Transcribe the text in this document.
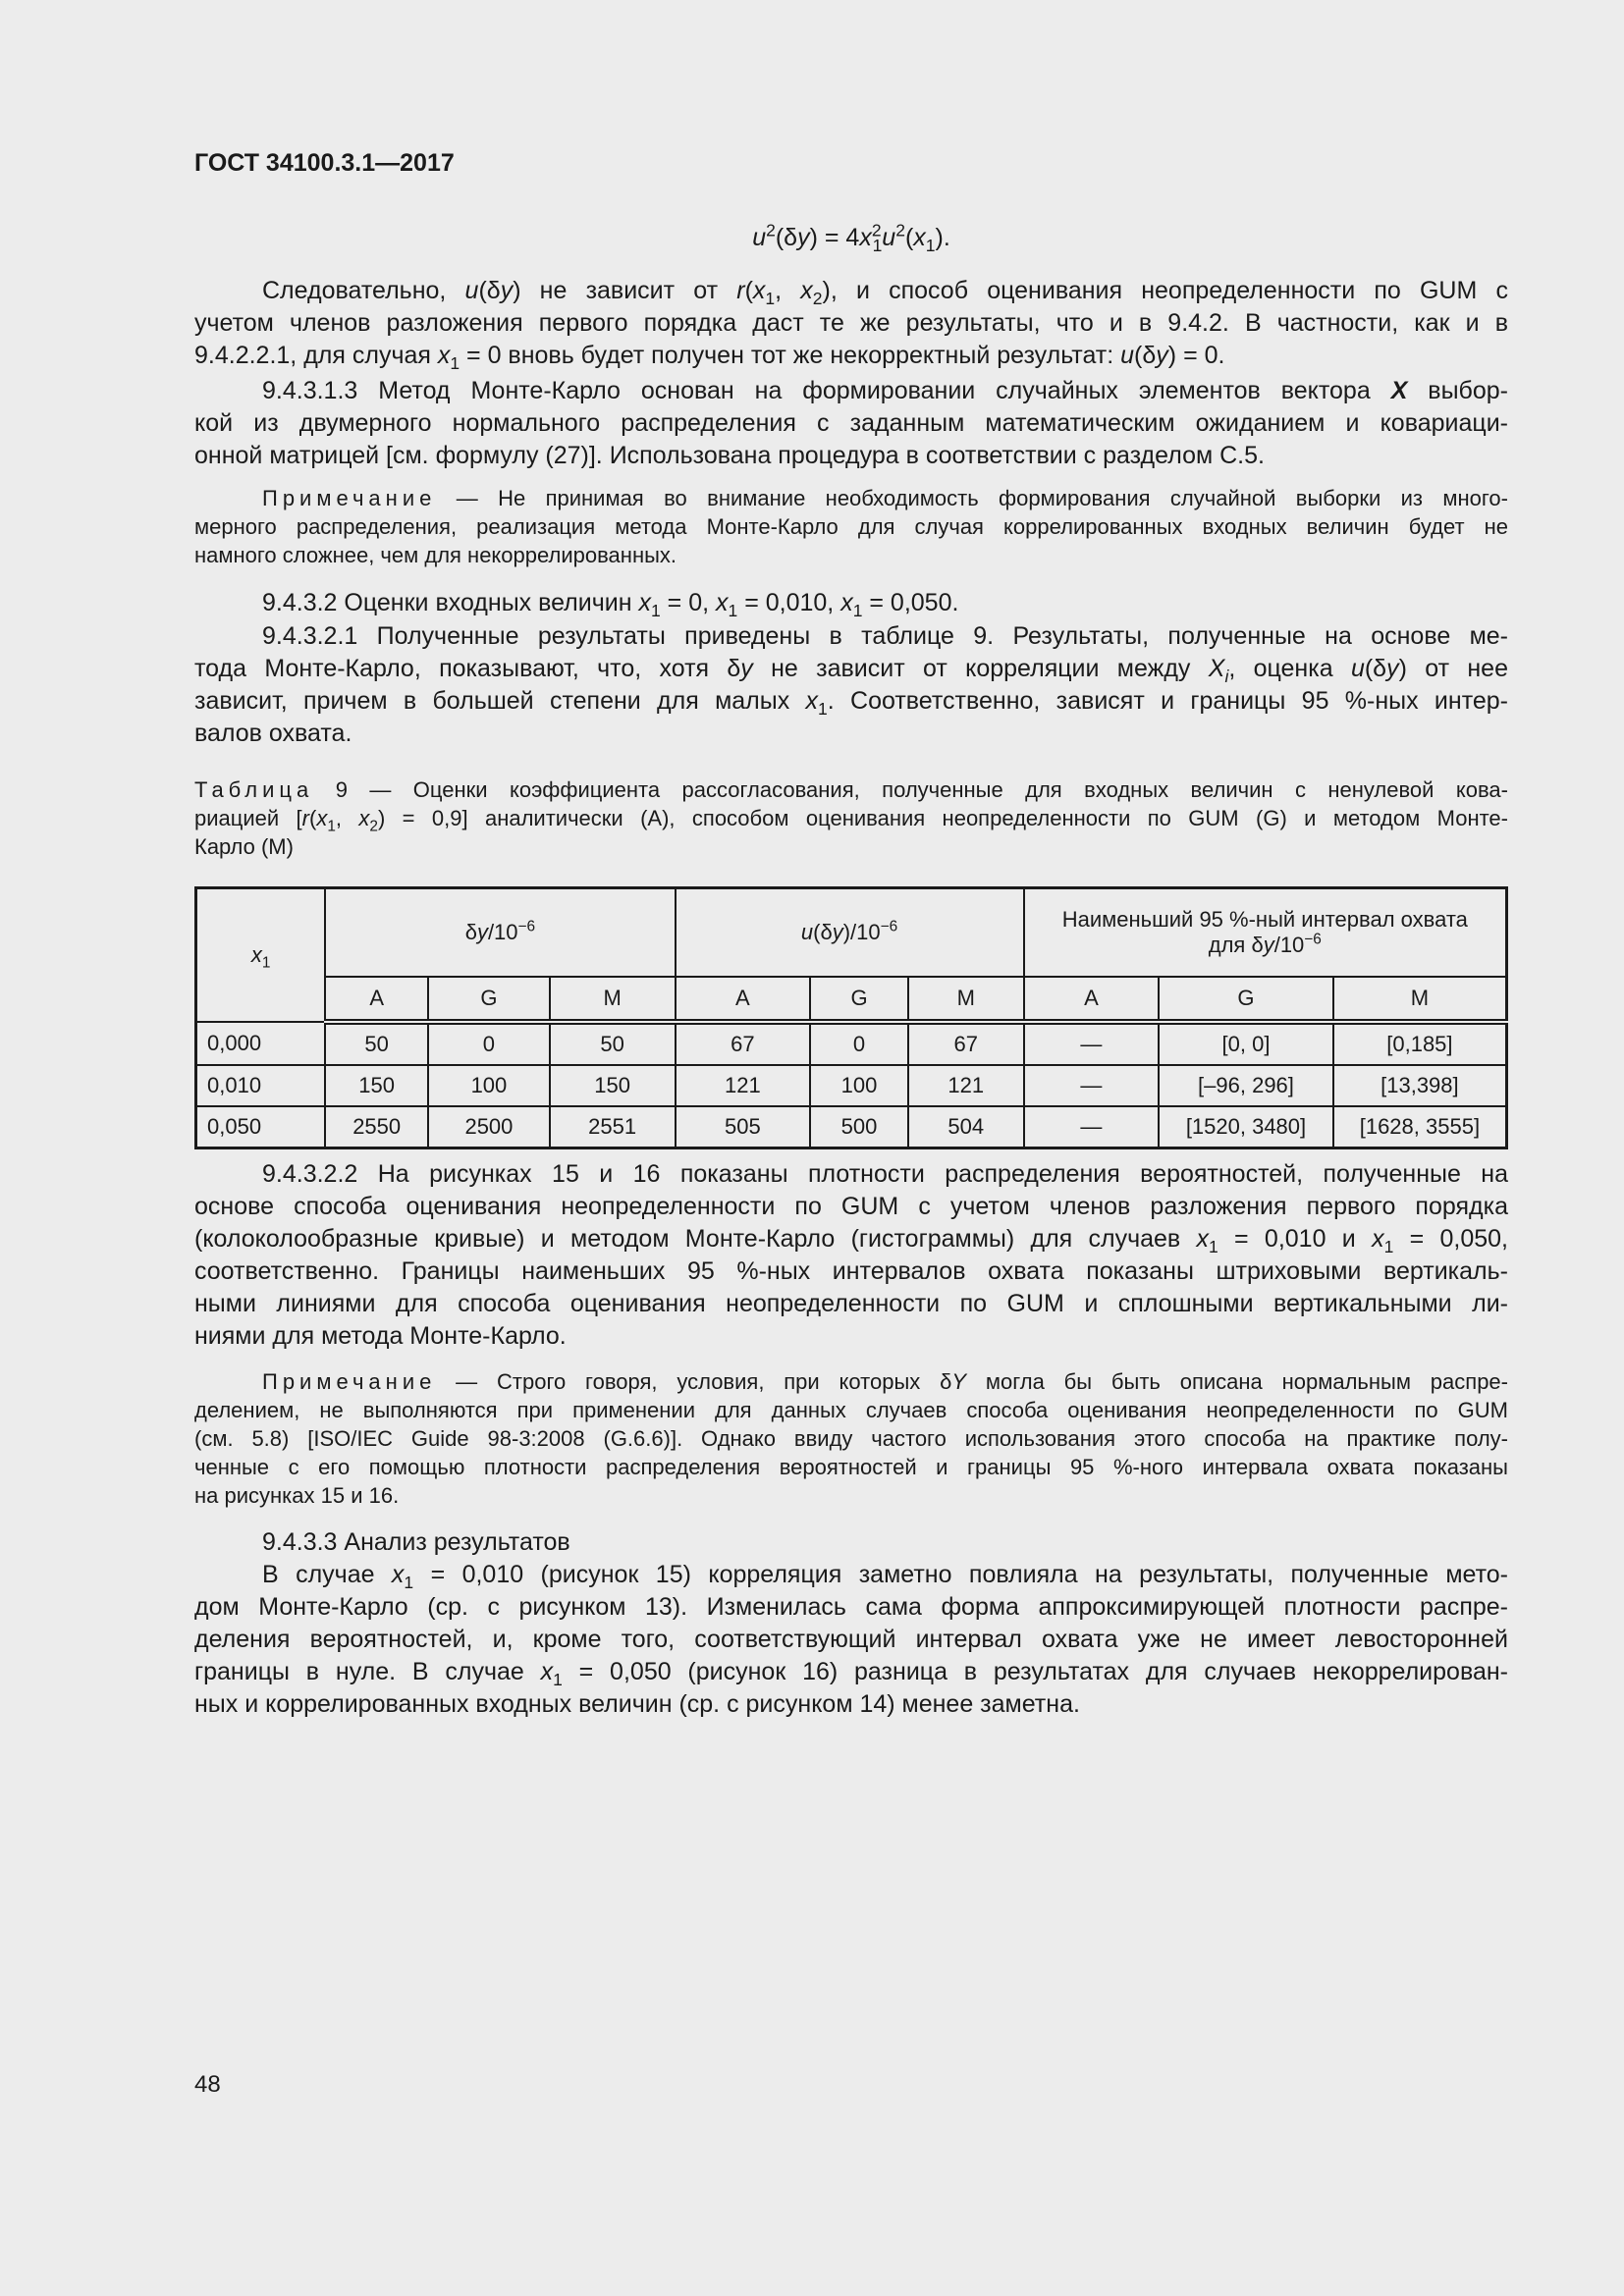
ГОСТ 34100.3.1—2017
$u^2(\delta y) = 4x^2_1u^2(x_1)$.
Следовательно, u(δy) не зависит от $r(x_1$, $x_2$), и способ оценивания неопределенности по GUM с
учетом членов разложения первого порядка даст те же результаты, что и в 9.4.2. В частности, как и в
9.4.2.2.1, для случая $x_1 = 0$ вновь будет получен тот же некорректный результат: u(δy) = 0.
9.4.3.1.3 Метод Монте-Карло основан на формировании случайных элементов вектора X выбор-
кой из двумерного нормального распределения с заданным математическим ожиданием и ковариаци-
онной матрицей [см. формулу (27)]. Использована процедура в соответствии с разделом С.5.
Примечание — Не принимая во внимание необходимость формирования случайной выборки из много-
мерного распределения, реализация метода Монте-Карло для случая коррелированных входных величин будет не
намного сложнее, чем для некоррелированных.
9.4.3.2 Оценки входных величин $x_1 = 0$, $x_1 = 0,010$, $x_1 = 0,050$.
9.4.3.2.1 Полученные результаты приведены в таблице 9. Результаты, полученные на основе ме-
тода Монте-Карло, показывают, что, хотя δy не зависит от корреляции между $X_i$, оценка u(δy) от нее
зависит, причем в большей степени для малых $x_1$. Соответственно, зависят и границы 95 %-ных интер-
валов охвата.
Таблица 9 — Оценки коэффициента рассогласования, полученные для входных величин с ненулевой кова-
риацией [$r(x_1$, $x_2) = 0,9$] аналитически (А), способом оценивания неопределенности по GUM (G) и методом Монте-
Карло (М)
$x_1$	$\delta y/10^{-6}$			$u(\delta y)/10^{-6}$			Наименьший 95 %-ный интервал охвата
для $\delta y/10^{-6}$
	А	G	М	А	G	М	А	G	М
0,000	50	0	50	67	0	67	—	[0, 0]	[0,185]
0,010	150	100	150	121	100	121	—	[–96, 296]	[13,398]
0,050	2550	2500	2551	505	500	504	—	[1520, 3480]	[1628, 3555]
9.4.3.2.2 На рисунках 15 и 16 показаны плотности распределения вероятностей, полученные на
основе способа оценивания неопределенности по GUM с учетом членов разложения первого порядка
(колоколообразные кривые) и методом Монте-Карло (гистограммы) для случаев $x_1 = 0,010$ и $x_1 = 0,050$,
соответственно. Границы наименьших 95 %-ных интервалов охвата показаны штриховыми вертикаль-
ными линиями для способа оценивания неопределенности по GUM и сплошными вертикальными ли-
ниями для метода Монте-Карло.
Примечание — Строго говоря, условия, при которых δY могла бы быть описана нормальным распре-
делением, не выполняются при применении для данных случаев способа оценивания неопределенности по GUM
(см. 5.8) [ISO/IEC Guide 98-3:2008 (G.6.6)]. Однако ввиду частого использования этого способа на практике полу-
ченные с его помощью плотности распределения вероятностей и границы 95 %-ного интервала охвата показаны
на рисунках 15 и 16.
9.4.3.3 Анализ результатов
В случае $x_1 = 0,010$ (рисунок 15) корреляция заметно повлияла на результаты, полученные мето-
дом Монте-Карло (ср. с рисунком 13). Изменилась сама форма аппроксимирующей плотности распре-
деления вероятностей, и, кроме того, соответствующий интервал охвата уже не имеет левосторонней
границы в нуле. В случае $x_1 = 0,050$ (рисунок 16) разница в результатах для случаев некоррелирован-
ных и коррелированных входных величин (ср. с рисунком 14) менее заметна.
48
